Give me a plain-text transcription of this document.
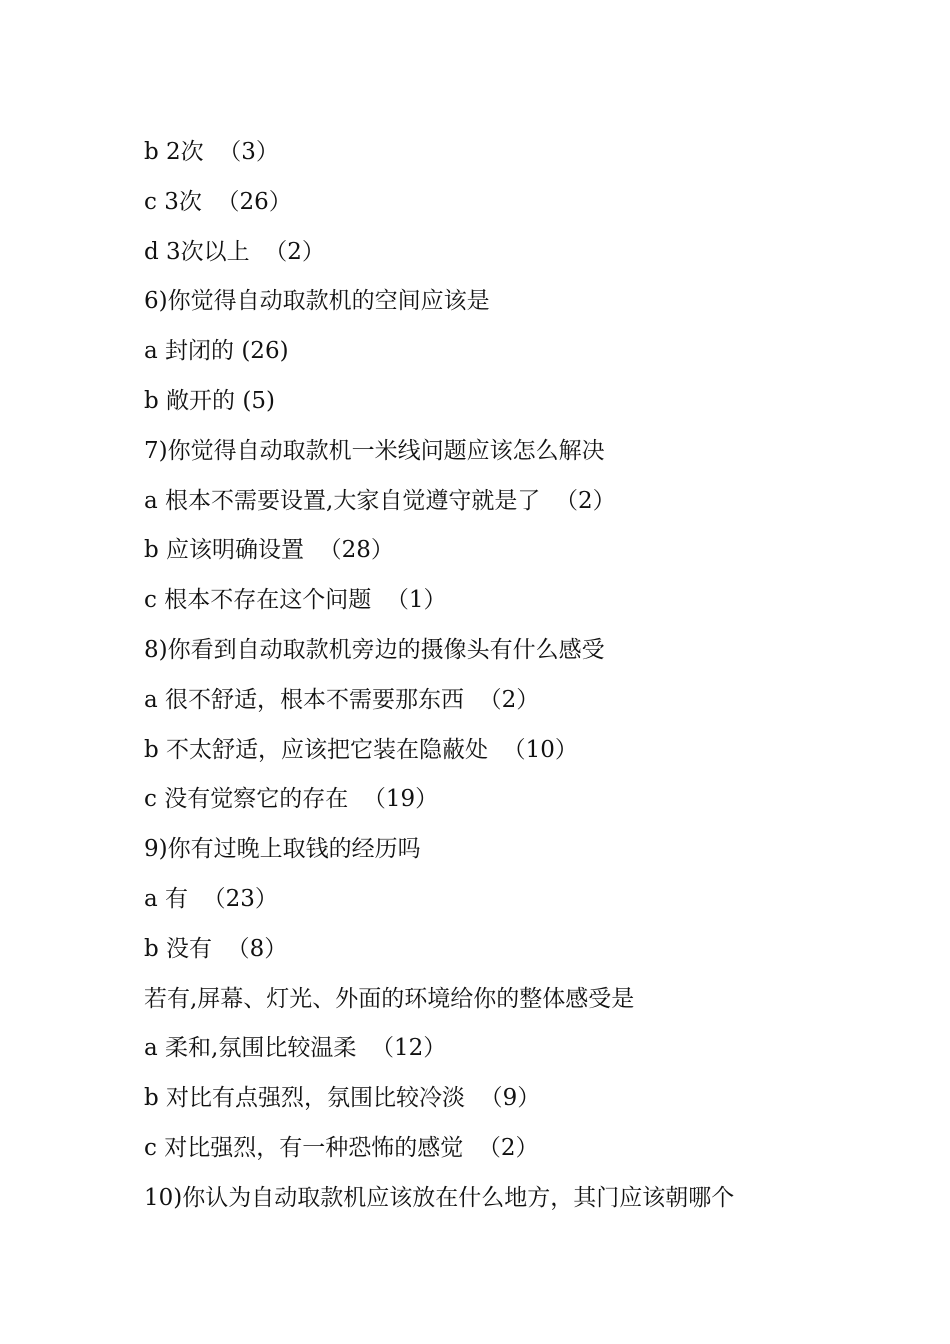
b 2次  （3）
c 3次  （26）
d 3次以上  （2）
6)你觉得自动取款机的空间应该是
a 封闭的 (26)
b 敞开的 (5)
7)你觉得自动取款机一米线问题应该怎么解决
a 根本不需要设置,大家自觉遵守就是了  （2）
b 应该明确设置  （28）
c 根本不存在这个问题  （1）
8)你看到自动取款机旁边的摄像头有什么感受
a 很不舒适，根本不需要那东西  （2）
b 不太舒适，应该把它装在隐蔽处  （10）
c 没有觉察它的存在  （19）
9)你有过晚上取钱的经历吗
a 有  （23）
b 没有  （8）
若有,屏幕、灯光、外面的环境给你的整体感受是
a 柔和,氛围比较温柔  （12）
b 对比有点强烈，氛围比较冷淡  （9）
c 对比强烈，有一种恐怖的感觉  （2）
10)你认为自动取款机应该放在什么地方，其门应该朝哪个
